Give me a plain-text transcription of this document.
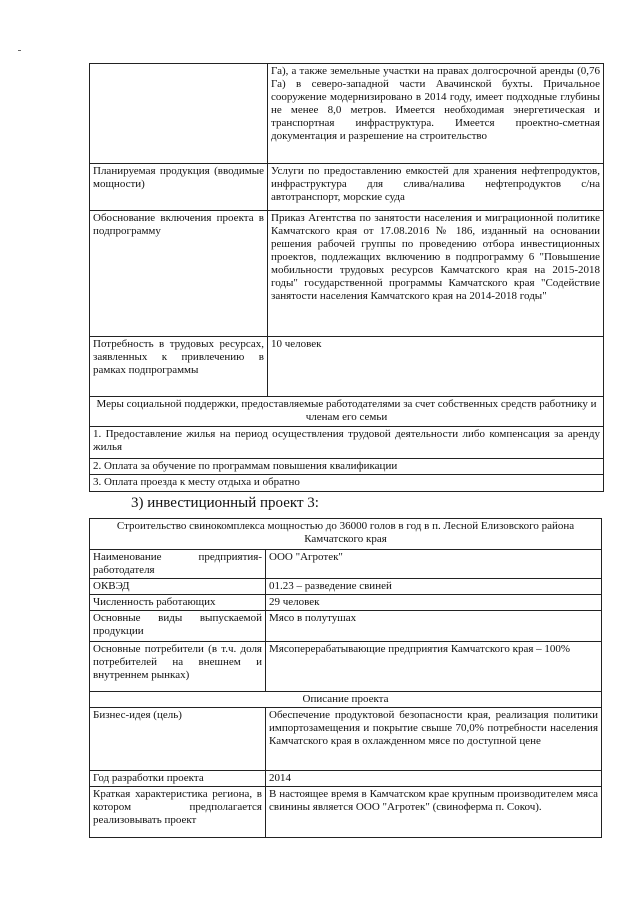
	Га), а также земельные участки на правах долгосрочной аренды (0,76 Га) в северо-западной части Авачинской бухты. Причальное сооружение модернизировано в 2014 году, имеет подходные глубины не менее 8,0 метров. Имеется необходимая энергетическая и транспортная инфраструктура. Имеется проектно-сметная документация и разрешение на строительство
Планируемая продукция (вводимые мощности)	Услуги по предоставлению емкостей для хранения нефтепродуктов, инфраструктура для слива/налива нефтепродуктов с/на автотранспорт, морские суда
Обоснование включения проекта в подпрограмму	Приказ Агентства по занятости населения и миграционной политике Камчатского края от 17.08.2016 № 186, изданный на основании решения рабочей группы по проведению отбора инвестиционных проектов, подлежащих включению в подпрограмму 6 "Повышение мобильности трудовых ресурсов Камчатского края на 2015-2018 годы" государственной программы Камчатского края "Содействие занятости населения Камчатского края на 2014-2018 годы"
Потребность в трудовых ресурсах, заявленных к привлечению в рамках подпрограммы	10 человек
Меры социальной поддержки, предоставляемые работодателями за счет собственных средств работнику и членам его семьи	
1. Предоставление жилья на период осуществления трудовой деятельности либо компенсация за аренду жилья	
2. Оплата за обучение по программам повышения квалификации	
3. Оплата проезда к месту отдыха и обратно	
3) инвестиционный проект 3:
Строительство свинокомплекса мощностью до 36000 голов в год в п. Лесной Елизовского района Камчатского края	
Наименование предприятия-работодателя	ООО "Агротек"
ОКВЭД	01.23 – разведение свиней
Численность работающих	29 человек
Основные виды выпускаемой продукции	Мясо в полутушах
Основные потребители (в т.ч. доля потребителей на внешнем и внутреннем рынках)	Мясоперерабатывающие предприятия Камчатского края – 100%
Описание проекта	
Бизнес-идея (цель)	Обеспечение продуктовой безопасности края, реализация политики импортозамещения и покрытие свыше 70,0% потребности населения Камчатского края в охлажденном мясе по доступной цене
Год разработки проекта	2014
Краткая характеристика региона, в котором предполагается реализовывать проект	В настоящее время в Камчатском крае крупным производителем мяса свинины является ООО "Агротек" (свиноферма п. Сокоч).
